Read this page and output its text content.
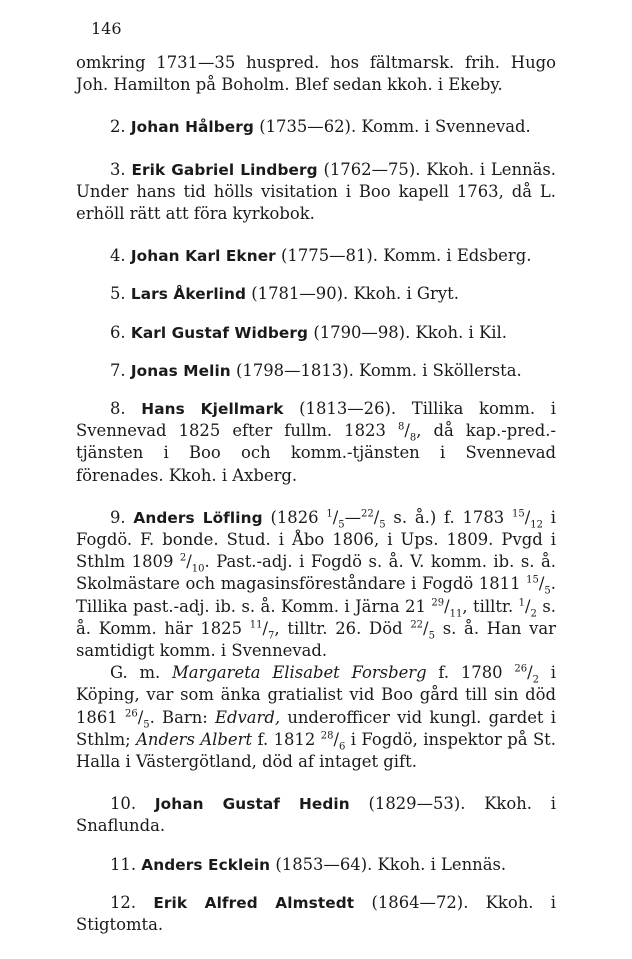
146

omkring 1731—35 huspred. hos fältmarsk. frih. Hugo Joh. Hamilton på Boholm. Blef sedan kkoh. i Ekeby.

2. Johan Hålberg (1735—62). Komm. i Svennevad.

3. Erik Gabriel Lindberg (1762—75). Kkoh. i Lennäs. Under hans tid hölls visitation i Boo kapell 1763, då L. erhöll rätt att föra kyrkobok.

4. Johan Karl Ekner (1775—81). Komm. i Edsberg.

5. Lars Åkerlind (1781—90). Kkoh. i Gryt.

6. Karl Gustaf Widberg (1790—98). Kkoh. i Kil.

7. Jonas Melin (1798—1813). Komm. i Sköllersta.

8. Hans Kjellmark (1813—26). Tillika komm. i Svennevad 1825 efter fullm. 1823 $^8/_8$, då kap.-pred.-tjänsten i Boo och komm.-tjänsten i Svennevad förenades. Kkoh. i Axberg.

9. Anders Löfling (1826 $^1/_5—^{22}/_5$ s. å.) f. 1783 $^{15}/_{12}$ i Fogdö. F. bonde. Stud. i Åbo 1806, i Ups. 1809. Pvgd i Sthlm 1809 $^2/_{10}$. Past.-adj. i Fogdö s. å. V. komm. ib. s. å. Skolmästare och magasinsföreståndare i Fogdö 1811 $^{15}/_5$. Tillika past.-adj. ib. s. å. Komm. i Järna 21 $^{29}/_{11}$, tilltr. $^1/_2$ s. å. Komm. här 1825 $^{11}/_7$, tilltr. 26. Död $^{22}/_5$ s. å. Han var samtidigt komm. i Svennevad.

G. m. Margareta Elisabet Forsberg f. 1780 $^{26}/_2$ i Köping, var som änka gratialist vid Boo gård till sin död 1861 $^{26}/_5$. Barn: Edvard, underofficer vid kungl. gardet i Sthlm; Anders Albert f. 1812 $^{28}/_6$ i Fogdö, inspektor på St. Halla i Västergötland, död af intaget gift.

10. Johan Gustaf Hedin (1829—53). Kkoh. i Snaflunda.

11. Anders Ecklein (1853—64). Kkoh. i Lennäs.

12. Erik Alfred Almstedt (1864—72). Kkoh. i Stigtomta.
